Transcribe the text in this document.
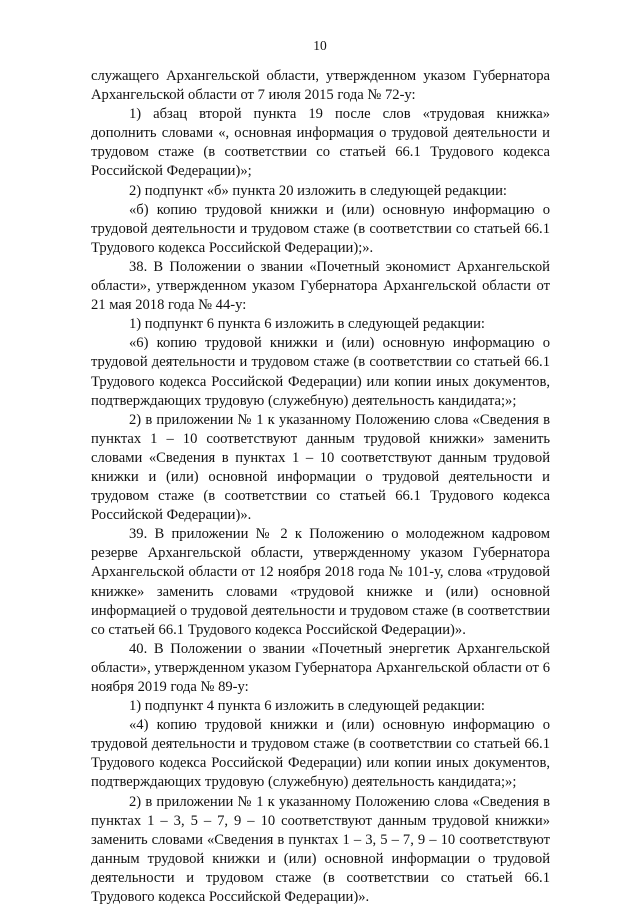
10

служащего Архангельской области, утвержденном указом Губернатора Архангельской области от 7 июля 2015 года № 72-у:

1) абзац второй пункта 19 после слов «трудовая книжка» дополнить словами «, основная информация о трудовой деятельности и трудовом стаже (в соответствии со статьей 66.1 Трудового кодекса Российской Федерации)»;

2) подпункт «б» пункта 20 изложить в следующей редакции:

«б) копию трудовой книжки и (или) основную информацию о трудовой деятельности и трудовом стаже (в соответствии со статьей 66.1 Трудового кодекса Российской Федерации);».

38. В Положении о звании «Почетный экономист Архангельской области», утвержденном указом Губернатора Архангельской области от 21 мая 2018 года № 44-у:

1) подпункт 6 пункта 6 изложить в следующей редакции:

«6) копию трудовой книжки и (или) основную информацию о трудовой деятельности и трудовом стаже (в соответствии со статьей 66.1 Трудового кодекса Российской Федерации) или копии иных документов, подтверждающих трудовую (служебную) деятельность кандидата;»;

2) в приложении № 1 к указанному Положению слова «Сведения в пунктах 1 – 10 соответствуют данным трудовой книжки» заменить словами «Сведения в пунктах 1 – 10 соответствуют данным трудовой книжки и (или) основной информации о трудовой деятельности и трудовом стаже (в соответствии со статьей 66.1 Трудового кодекса Российской Федерации)».

39. В приложении № 2 к Положению о молодежном кадровом резерве Архангельской области, утвержденному указом Губернатора Архангельской области от 12 ноября 2018 года № 101-у, слова «трудовой книжке» заменить словами «трудовой книжке и (или) основной информацией о трудовой деятельности и трудовом стаже (в соответствии со статьей 66.1 Трудового кодекса Российской Федерации)».

40. В Положении о звании «Почетный энергетик Архангельской области», утвержденном указом Губернатора Архангельской области от 6 ноября 2019 года № 89-у:

1) подпункт 4 пункта 6 изложить в следующей редакции:

«4) копию трудовой книжки и (или) основную информацию о трудовой деятельности и трудовом стаже (в соответствии со статьей 66.1 Трудового кодекса Российской Федерации) или копии иных документов, подтверждающих трудовую (служебную) деятельность кандидата;»;

2) в приложении № 1 к указанному Положению слова «Сведения в пунктах 1 – 3, 5 – 7, 9 – 10 соответствуют данным трудовой книжки» заменить словами «Сведения в пунктах 1 – 3, 5 – 7, 9 – 10 соответствуют данным трудовой книжки и (или) основной информации о трудовой деятельности и трудовом стаже (в соответствии со статьей 66.1 Трудового кодекса Российской Федерации)».
